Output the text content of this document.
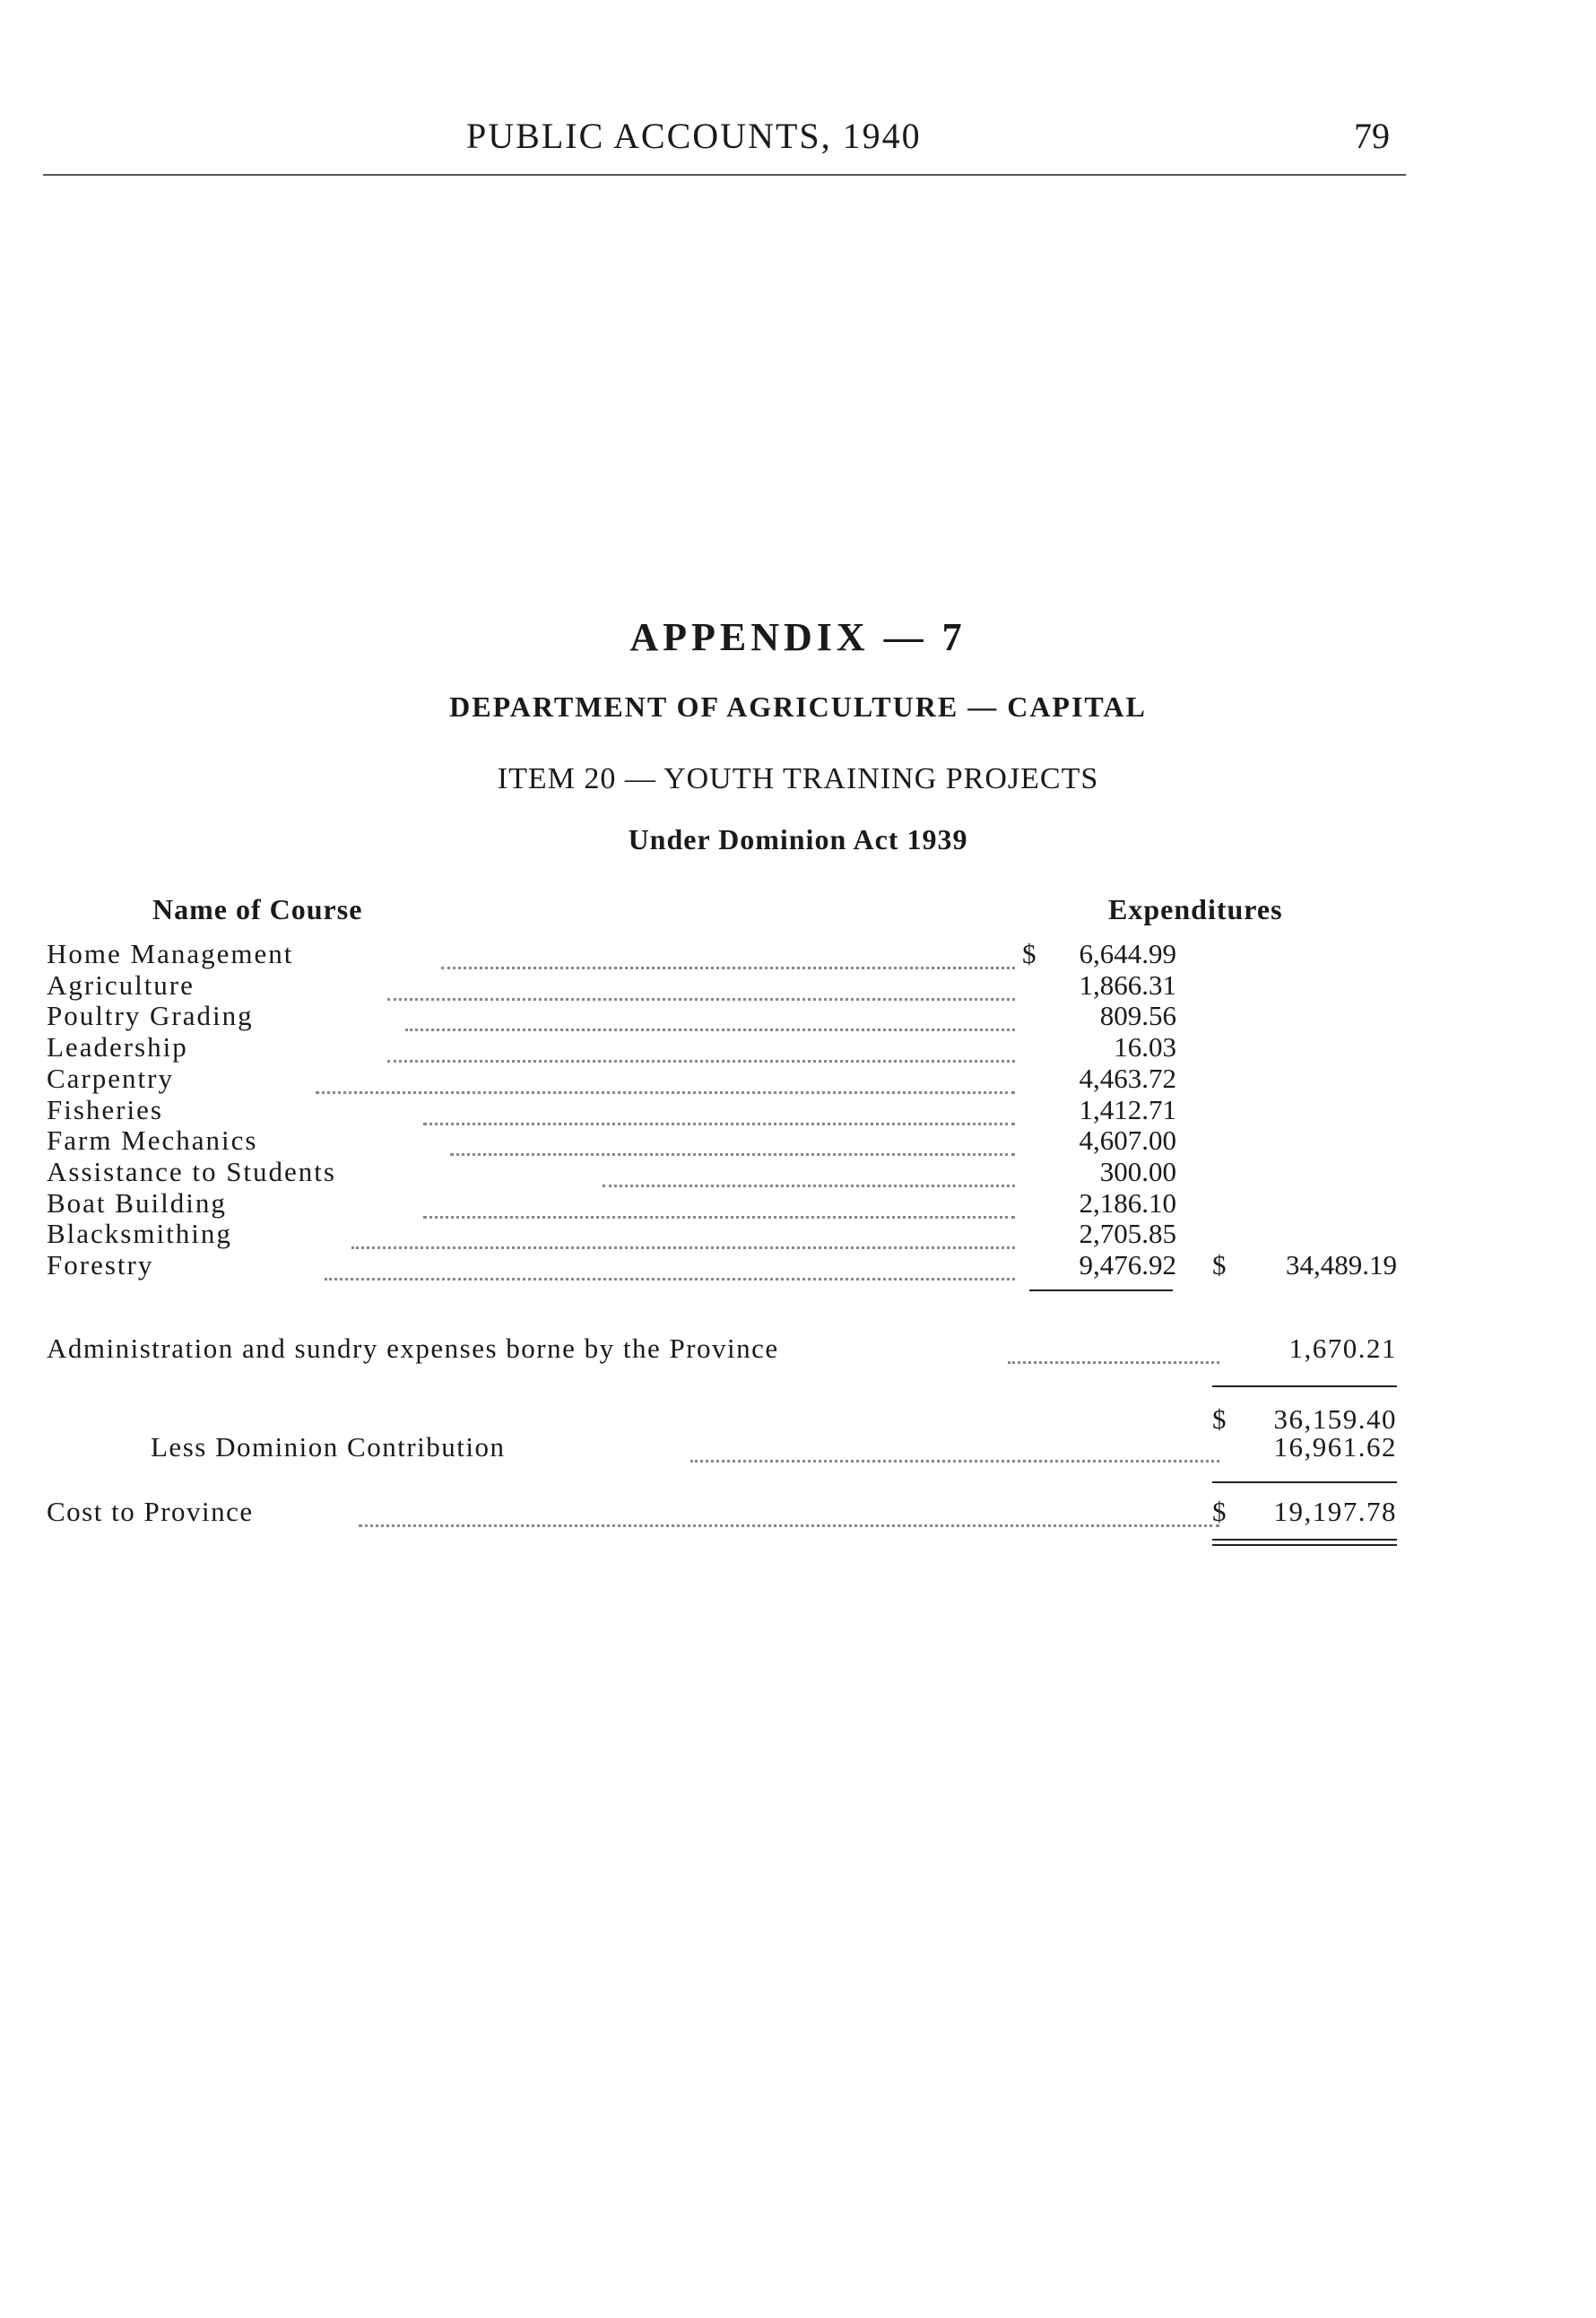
PUBLIC ACCOUNTS, 1940	79
APPENDIX — 7
DEPARTMENT OF AGRICULTURE — CAPITAL
ITEM 20 — YOUTH TRAINING PROJECTS
Under Dominion Act 1939
Name of Course	Expenditures
Home Management	$ 6,644.99
Agriculture	1,866.31
Poultry Grading	809.56
Leadership	16.03
Carpentry	4,463.72
Fisheries	1,412.71
Farm Mechanics	4,607.00
Assistance to Students	300.00
Boat Building	2,186.10
Blacksmithing	2,705.85
Forestry	9,476.92 $ 34,489.19
Administration and sundry expenses borne by the Province	1,670.21
$ 36,159.40
Less Dominion Contribution	16,961.62
Cost to Province	$ 19,197.78
